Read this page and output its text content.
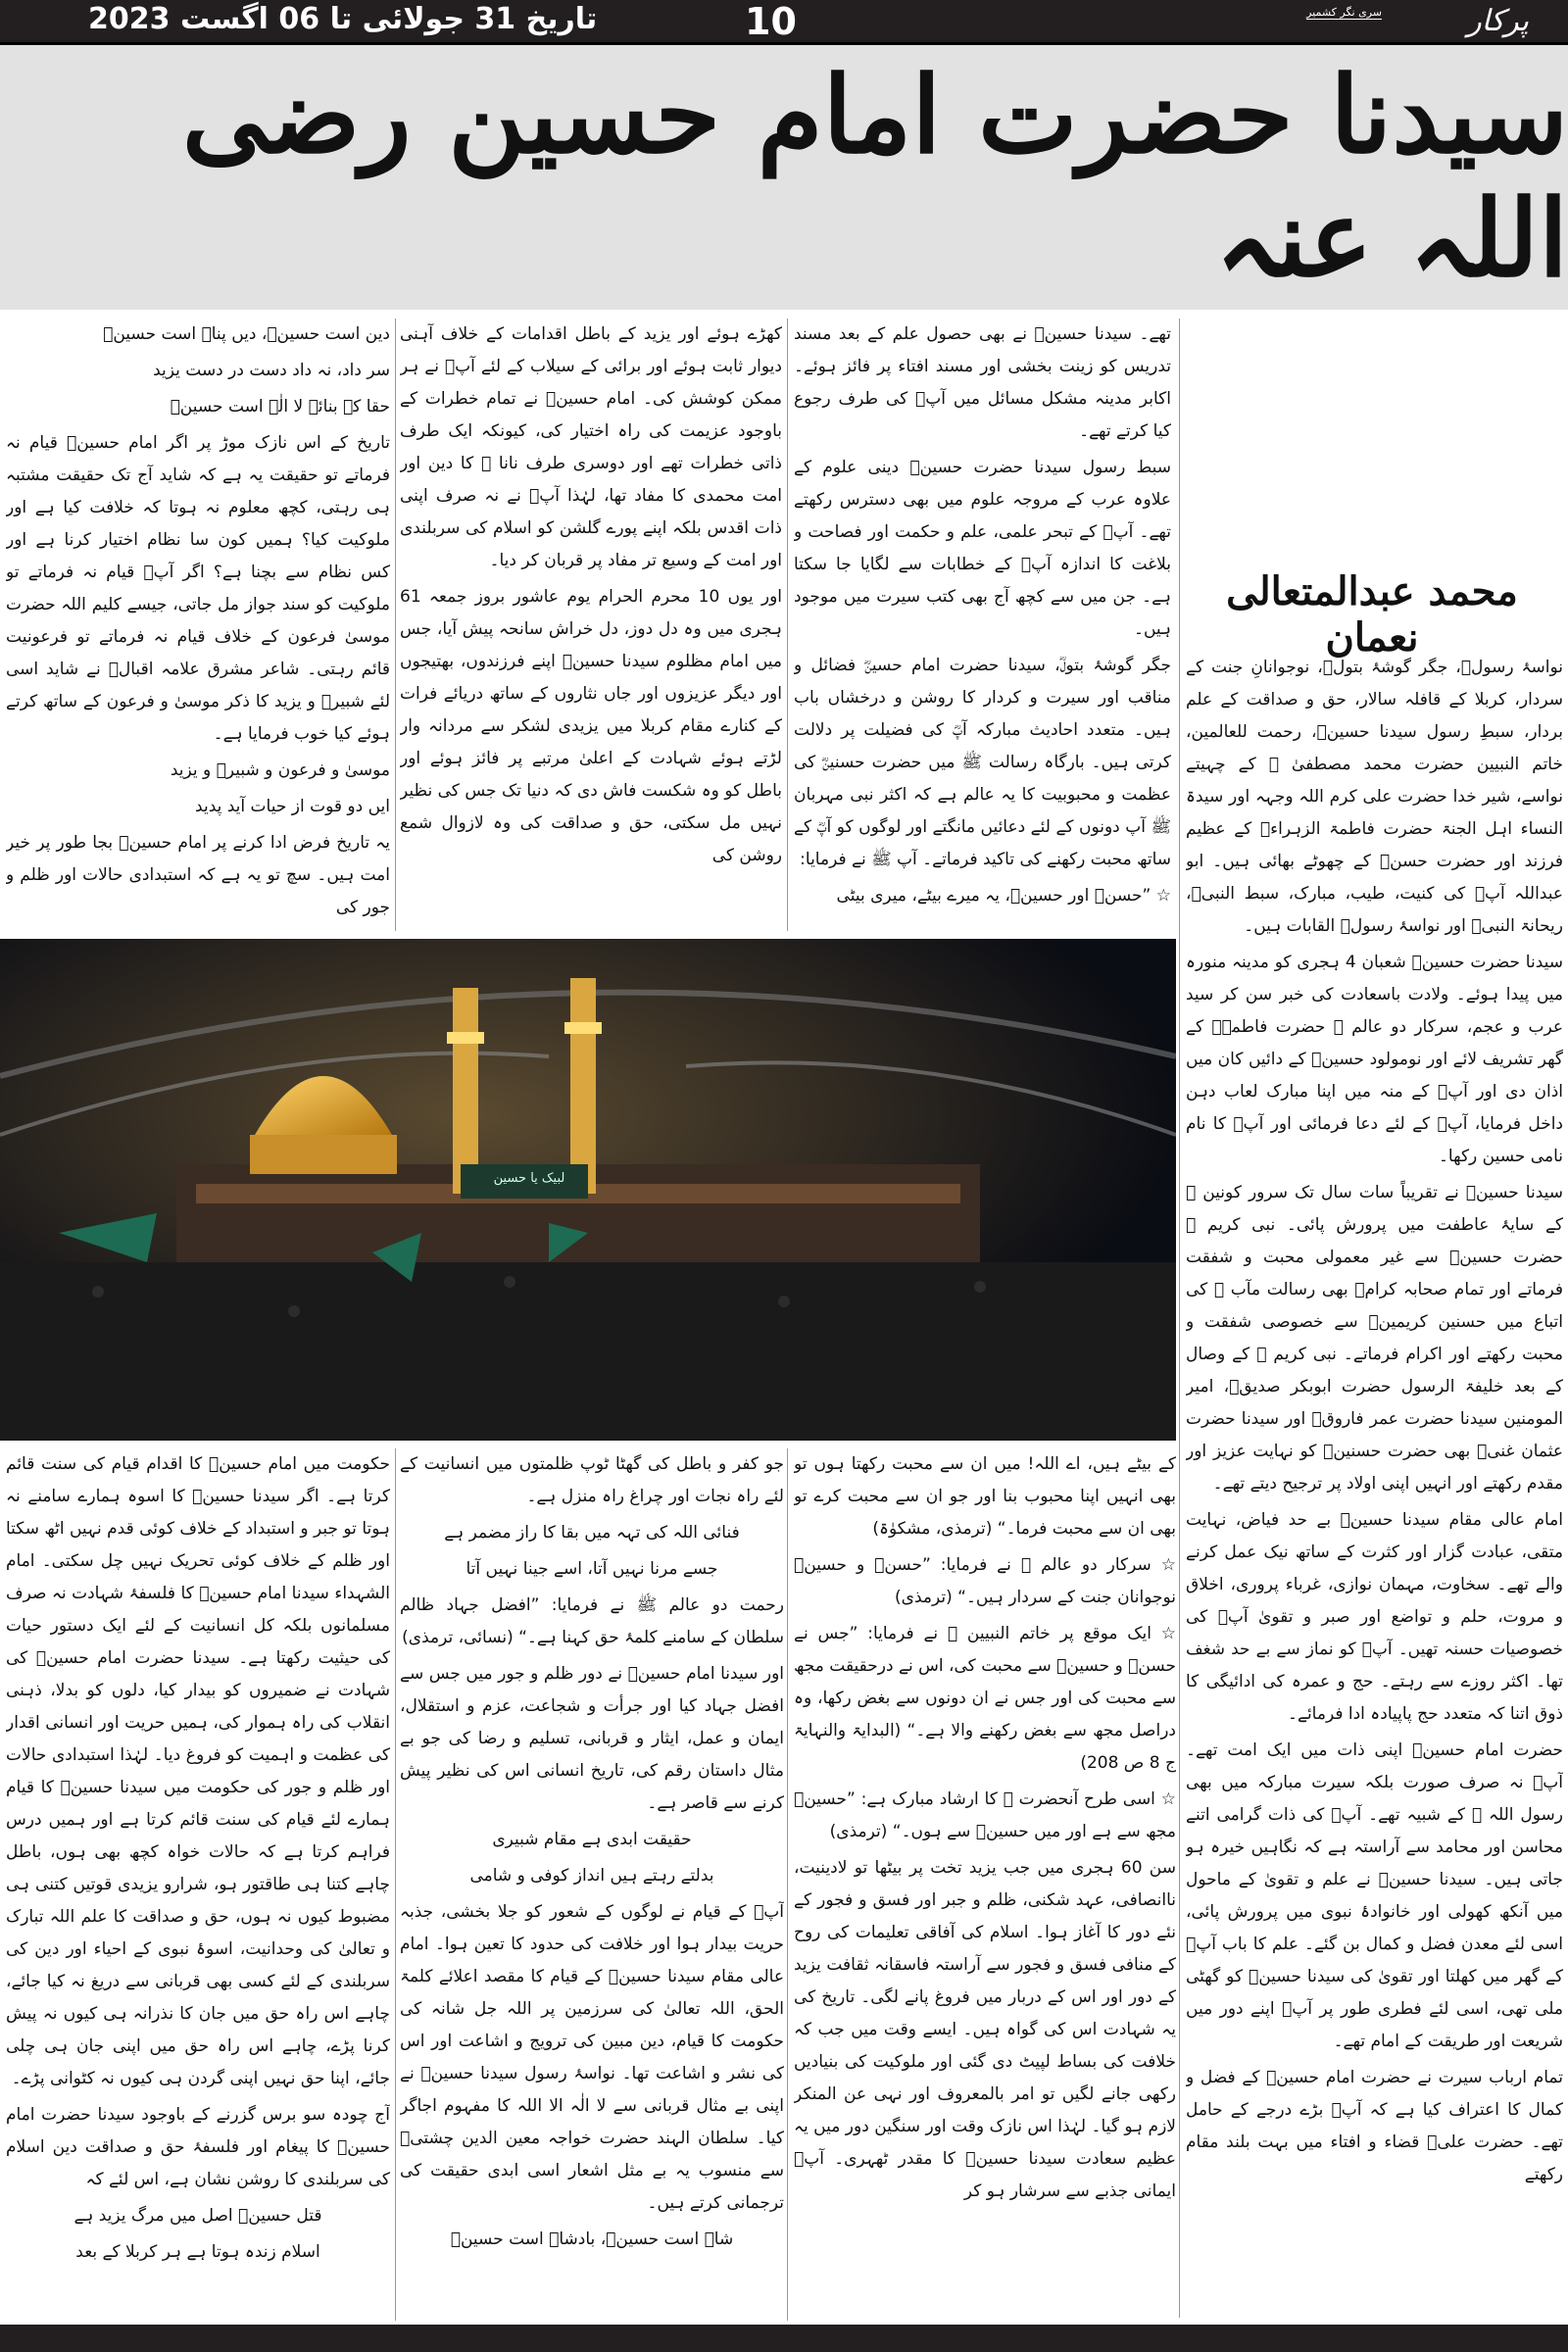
تاریخ 31 جولائی تا 06 اگست 2023	10	سری نگر کشمیر	پرکار
سیدنا حضرت امام حسین رضی اللہ عنہ
محمد عبدالمتعالی نعمان

نواسۂ رسولؐ، جگر گوشۂ بتولؓ، نوجوانانِ جنت کے سردار، کربلا کے قافلہ سالار، حق و صداقت کے علم بردار، سبطِ رسول سیدنا حسینؓ، رحمت للعالمین، خاتم النبیین حضرت محمد مصطفیٰ ﷺ کے چہیتے نواسے، شیر خدا حضرت علی کرم اللہ وجہہ اور سیدۃ النساء اہل الجنۃ حضرت فاطمۃ الزہراءؓ کے عظیم فرزند اور حضرت حسنؓ کے چھوٹے بھائی ہیں۔ ابو عبداللہ آپؓ کی کنیت، طیب، مبارک، سبط النبیؐ، ریحانۃ النبیؐ اور نواسۂ رسولؐ القابات ہیں۔

سیدنا حضرت حسینؓ شعبان 4 ہجری کو مدینہ منورہ میں پیدا ہوئے۔ ولادت باسعادت کی خبر سن کر سید عرب و عجم، سرکار دو عالم ﷺ حضرت فاطمہؓ کے گھر تشریف لائے اور نومولود حسینؓ کے دائیں کان میں اذان دی اور آپؐ کے منہ میں اپنا مبارک لعاب دہن داخل فرمایا، آپؐ کے لئے دعا فرمائی اور آپؐ کا نام نامی حسین رکھا۔

سیدنا حسینؓ نے تقریباً سات سال تک سرور کونین ﷺ کے سایۂ عاطفت میں پرورش پائی۔ نبی کریم ﷺ حضرت حسینؓ سے غیر معمولی محبت و شفقت فرماتے اور تمام صحابہ کرامؓ بھی رسالت مآب ﷺ کی اتباع میں حسنین کریمینؓ سے خصوصی شفقت و محبت رکھتے اور اکرام فرماتے۔ نبی کریم ﷺ کے وصال کے بعد خلیفۃ الرسول حضرت ابوبکر صدیقؓ، امیر المومنین سیدنا حضرت عمر فاروقؓ اور سیدنا حضرت عثمان غنیؓ بھی حضرت حسنینؓ کو نہایت عزیز اور مقدم رکھتے اور انہیں اپنی اولاد پر ترجیح دیتے تھے۔

امام عالی مقام سیدنا حسینؓ بے حد فیاض، نہایت متقی، عبادت گزار اور کثرت کے ساتھ نیک عمل کرنے والے تھے۔ سخاوت، مہمان نوازی، غرباء پروری، اخلاق و مروت، حلم و تواضع اور صبر و تقویٰ آپؓ کی خصوصیات حسنہ تھیں۔ آپؓ کو نماز سے بے حد شغف تھا۔ اکثر روزے سے رہتے۔ حج و عمرہ کی ادائیگی کا ذوق اتنا کہ متعدد حج پاپیادہ ادا فرمائے۔

حضرت امام حسینؓ اپنی ذات میں ایک امت تھے۔ آپؓ نہ صرف صورت بلکہ سیرت مبارکہ میں بھی رسول اللہ ﷺ کے شبیہ تھے۔ آپؓ کی ذات گرامی اتنے محاسن اور محامد سے آراستہ ہے کہ نگاہیں خیرہ ہو جاتی ہیں۔ سیدنا حسینؓ نے علم و تقویٰ کے ماحول میں آنکھ کھولی اور خانوادۂ نبوی میں پرورش پائی، اسی لئے معدن فضل و کمال بن گئے۔ علم کا باب آپؓ کے گھر میں کھلتا اور تقویٰ کی سیدنا حسینؓ کو گھٹی ملی تھی، اسی لئے فطری طور پر آپؓ اپنے دور میں شریعت اور طریقت کے امام تھے۔

تمام ارباب سیرت نے حضرت امام حسینؓ کے فضل و کمال کا اعتراف کیا ہے کہ آپؓ بڑے درجے کے حامل تھے۔ حضرت علیؓ قضاء و افتاء میں بہت بلند مقام رکھتے

تھے۔ سیدنا حسینؓ نے بھی حصول علم کے بعد مسند تدریس کو زینت بخشی اور مسند افتاء پر فائز ہوئے۔ اکابر مدینہ مشکل مسائل میں آپؓ کی طرف رجوع کیا کرتے تھے۔

سبط رسول سیدنا حضرت حسینؓ دینی علوم کے علاوہ عرب کے مروجہ علوم میں بھی دسترس رکھتے تھے۔ آپؓ کے تبحر علمی، علم و حکمت اور فصاحت و بلاغت کا اندازہ آپؓ کے خطابات سے لگایا جا سکتا ہے۔ جن میں سے کچھ آج بھی کتب سیرت میں موجود ہیں۔

جگر گوشۂ بتولؓ، سیدنا حضرت امام حسینؓ فضائل و مناقب اور سیرت و کردار کا روشن و درخشاں باب ہیں۔ متعدد احادیث مبارکہ آپؓ کی فضیلت پر دلالت کرتی ہیں۔ بارگاہ رسالت ﷺ میں حضرت حسنینؓ کی عظمت و محبوبیت کا یہ عالم ہے کہ اکثر نبی مہربان ﷺ آپ دونوں کے لئے دعائیں مانگتے اور لوگوں کو آپؓ کے ساتھ محبت رکھنے کی تاکید فرماتے۔ آپ ﷺ نے فرمایا:

☆ ”حسنؓ اور حسینؓ، یہ میرے بیٹے، میری بیٹی

کھڑے ہوئے اور یزید کے باطل اقدامات کے خلاف آہنی دیوار ثابت ہوئے اور برائی کے سیلاب کے لئے آپؓ نے ہر ممکن کوشش کی۔ امام حسینؓ نے تمام خطرات کے باوجود عزیمت کی راہ اختیار کی، کیونکہ ایک طرف ذاتی خطرات تھے اور دوسری طرف نانا ﷺ کا دین اور امت محمدی کا مفاد تھا، لہٰذا آپؓ نے نہ صرف اپنی ذات اقدس بلکہ اپنے پورے گلشن کو اسلام کی سربلندی اور امت کے وسیع تر مفاد پر قربان کر دیا۔

اور یوں 10 محرم الحرام یوم عاشور بروز جمعہ 61 ہجری میں وہ دل دوز، دل خراش سانحہ پیش آیا، جس میں امام مظلوم سیدنا حسینؓ اپنے فرزندوں، بھتیجوں اور دیگر عزیزوں اور جاں نثاروں کے ساتھ دریائے فرات کے کنارے مقام کربلا میں یزیدی لشکر سے مردانہ وار لڑتے ہوئے شہادت کے اعلیٰ مرتبے پر فائز ہوئے اور باطل کو وہ شکست فاش دی کہ دنیا تک جس کی نظیر نہیں مل سکتی، حق و صداقت کی وہ لازوال شمع روشن کی

دین است حسینؓ، دیں پناہ است حسینؓ

سر داد، نہ داد دست در دست یزید

حقا کہ بنائے لا الٰہ است حسینؓ

تاریخ کے اس نازک موڑ پر اگر امام حسینؓ قیام نہ فرماتے تو حقیقت یہ ہے کہ شاید آج تک حقیقت مشتبہ ہی رہتی، کچھ معلوم نہ ہوتا کہ خلافت کیا ہے اور ملوکیت کیا؟ ہمیں کون سا نظام اختیار کرنا ہے اور کس نظام سے بچنا ہے؟ اگر آپؓ قیام نہ فرماتے تو ملوکیت کو سند جواز مل جاتی، جیسے کلیم اللہ حضرت موسیٰ فرعون کے خلاف قیام نہ فرماتے تو فرعونیت قائم رہتی۔ شاعر مشرق علامہ اقبالؒ نے شاید اسی لئے شبیرؓ و یزید کا ذکر موسیٰ و فرعون کے ساتھ کرتے ہوئے کیا خوب فرمایا ہے۔

موسیٰ و فرعون و شبیرؓ و یزید

ایں دو قوت از حیات آید پدید

یہ تاریخ فرض ادا کرنے پر امام حسینؓ بجا طور پر خیر امت ہیں۔ سچ تو یہ ہے کہ استبدادی حالات اور ظلم و جور کی

کے بیٹے ہیں، اے اللہ! میں ان سے محبت رکھتا ہوں تو بھی انہیں اپنا محبوب بنا اور جو ان سے محبت کرے تو بھی ان سے محبت فرما۔“ (ترمذی، مشکوٰۃ)

☆ سرکار دو عالم ﷺ نے فرمایا: ”حسنؓ و حسینؓ نوجوانان جنت کے سردار ہیں۔“ (ترمذی)

☆ ایک موقع پر خاتم النبیین ﷺ نے فرمایا: ”جس نے حسنؓ و حسینؓ سے محبت کی، اس نے درحقیقت مجھ سے محبت کی اور جس نے ان دونوں سے بغض رکھا، وہ دراصل مجھ سے بغض رکھنے والا ہے۔“ (البدایۃ والنہایۃ ج 8 ص 208)

☆ اسی طرح آنحضرت ﷺ کا ارشاد مبارک ہے: ”حسینؓ مجھ سے ہے اور میں حسینؓ سے ہوں۔“ (ترمذی)

سن 60 ہجری میں جب یزید تخت پر بیٹھا تو لادینیت، ناانصافی، عہد شکنی، ظلم و جبر اور فسق و فجور کے نئے دور کا آغاز ہوا۔ اسلام کی آفاقی تعلیمات کی روح کے منافی فسق و فجور سے آراستہ فاسقانہ ثقافت یزید کے دور اور اس کے دربار میں فروغ پانے لگی۔ تاریخ کی یہ شہادت اس کی گواہ ہیں۔ ایسے وقت میں جب کہ خلافت کی بساط لپیٹ دی گئی اور ملوکیت کی بنیادیں رکھی جانے لگیں تو امر بالمعروف اور نہی عن المنکر لازم ہو گیا۔ لہٰذا اس نازک وقت اور سنگین دور میں یہ عظیم سعادت سیدنا حسینؓ کا مقدر ٹھہری۔ آپؓ ایمانی جذبے سے سرشار ہو کر

جو کفر و باطل کی گھٹا ٹوپ ظلمتوں میں انسانیت کے لئے راہ نجات اور چراغ راہ منزل ہے۔

فنائی اللہ کی تہہ میں بقا کا راز مضمر ہے

جسے مرنا نہیں آتا، اسے جینا نہیں آتا

رحمت دو عالم ﷺ نے فرمایا: ”افضل جہاد ظالم سلطان کے سامنے کلمۂ حق کہنا ہے۔“ (نسائی، ترمذی)

اور سیدنا امام حسینؓ نے دور ظلم و جور میں جس سے افضل جہاد کیا اور جرأت و شجاعت، عزم و استقلال، ایمان و عمل، ایثار و قربانی، تسلیم و رضا کی جو بے مثال داستان رقم کی، تاریخ انسانی اس کی نظیر پیش کرنے سے قاصر ہے۔

حقیقت ابدی ہے مقام شبیری

بدلتے رہتے ہیں انداز کوفی و شامی

آپؓ کے قیام نے لوگوں کے شعور کو جلا بخشی، جذبہ حریت بیدار ہوا اور خلافت کی حدود کا تعین ہوا۔ امام عالی مقام سیدنا حسینؓ کے قیام کا مقصد اعلائے کلمۃ الحق، اللہ تعالیٰ کی سرزمین پر اللہ جل شانہ کی حکومت کا قیام، دین مبین کی ترویج و اشاعت اور اس کی نشر و اشاعت تھا۔ نواسۂ رسول سیدنا حسینؓ نے اپنی بے مثال قربانی سے لا الٰہ الا اللہ کا مفہوم اجاگر کیا۔ سلطان الہند حضرت خواجہ معین الدین چشتیؒ سے منسوب یہ بے مثل اشعار اسی ابدی حقیقت کی ترجمانی کرتے ہیں۔

شاہ است حسینؓ، بادشاہ است حسینؓ

حکومت میں امام حسینؓ کا اقدام قیام کی سنت قائم کرتا ہے۔ اگر سیدنا حسینؓ کا اسوہ ہمارے سامنے نہ ہوتا تو جبر و استبداد کے خلاف کوئی قدم نہیں اٹھ سکتا اور ظلم کے خلاف کوئی تحریک نہیں چل سکتی۔ امام الشہداء سیدنا امام حسینؓ کا فلسفۂ شہادت نہ صرف مسلمانوں بلکہ کل انسانیت کے لئے ایک دستور حیات کی حیثیت رکھتا ہے۔ سیدنا حضرت امام حسینؓ کی شہادت نے ضمیروں کو بیدار کیا، دلوں کو بدلا، ذہنی انقلاب کی راہ ہموار کی، ہمیں حریت اور انسانی اقدار کی عظمت و اہمیت کو فروغ دیا۔ لہٰذا استبدادی حالات اور ظلم و جور کی حکومت میں سیدنا حسینؓ کا قیام ہمارے لئے قیام کی سنت قائم کرتا ہے اور ہمیں درس فراہم کرتا ہے کہ حالات خواہ کچھ بھی ہوں، باطل چاہے کتنا ہی طاقتور ہو، شرارو یزیدی قوتیں کتنی ہی مضبوط کیوں نہ ہوں، حق و صداقت کا علم اللہ تبارک و تعالیٰ کی وحدانیت، اسوۂ نبوی کے احیاء اور دین کی سربلندی کے لئے کسی بھی قربانی سے دریغ نہ کیا جائے، چاہے اس راہ حق میں جان کا نذرانہ ہی کیوں نہ پیش کرنا پڑے، چاہے اس راہ حق میں اپنی جان ہی چلی جائے، اپنا حق نہیں اپنی گردن ہی کیوں نہ کٹوانی پڑے۔

آج چودہ سو برس گزرنے کے باوجود سیدنا حضرت امام حسینؓ کا پیغام اور فلسفۂ حق و صداقت دین اسلام کی سربلندی کا روشن نشان ہے، اس لئے کہ

قتل حسینؓ اصل میں مرگ یزید ہے

اسلام زندہ ہوتا ہے ہر کربلا کے بعد

لبیک یا حسین
